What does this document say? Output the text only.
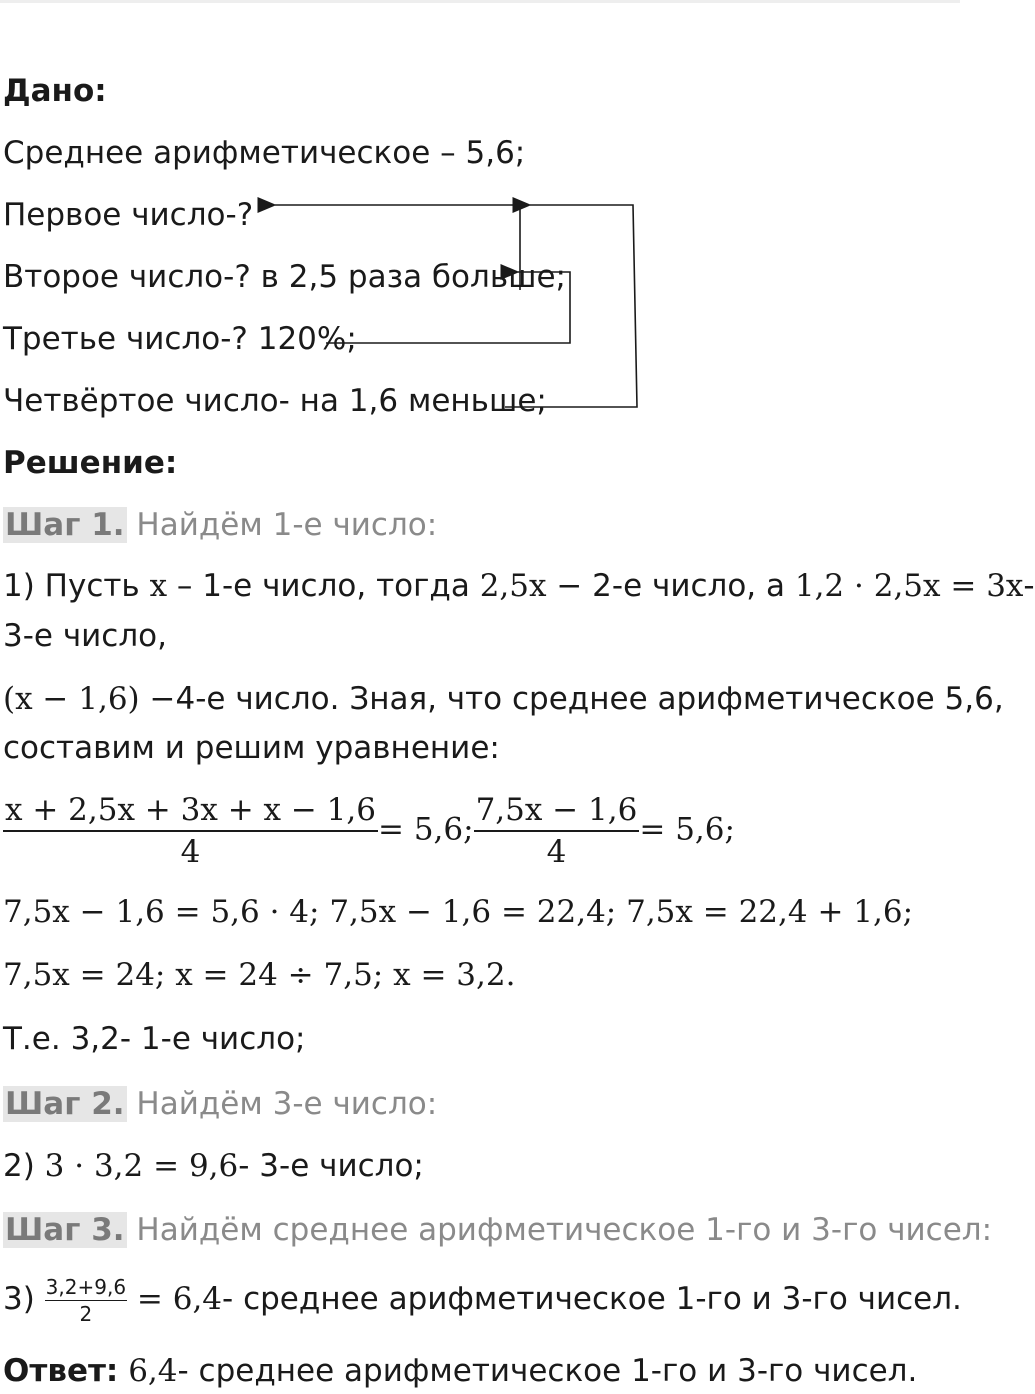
Дано:
Среднее арифметическое – 5,6;
Первое число-?
Второе число-? в 2,5 раза больше;
Третье число-? 120%;
Четвёртое число- на 1,6 меньше;
Решение:
Шаг 1. Найдём 1-е число:
1) Пусть x – 1-е число, тогда 2,5x − 2-е число, а 1,2 · 2,5x = 3x-
3-е число,
(x − 1,6) −4-е число. Зная, что среднее арифметическое 5,6,
составим и решим уравнение:
$\frac{x + 2,5x + 3x + x - 1,6}{4} = 5,6$; $\frac{7,5x - 1,6}{4} = 5,6$;
7,5x − 1,6 = 5,6 · 4; 7,5x − 1,6 = 22,4; 7,5x = 22,4 + 1,6;
7,5x = 24; x = 24 ÷ 7,5; x = 3,2.
Т.е. 3,2- 1-е число;
Шаг 2. Найдём 3-е число:
2) 3 · 3,2 = 9,6- 3-е число;
Шаг 3. Найдём среднее арифметическое 1-го и 3-го чисел:
$3) \frac{3,2+9,6}{2} = 6,4-$ среднее арифметическое 1-го и 3-го чисел.
Ответ: 6,4- среднее арифметическое 1-го и 3-го чисел.
